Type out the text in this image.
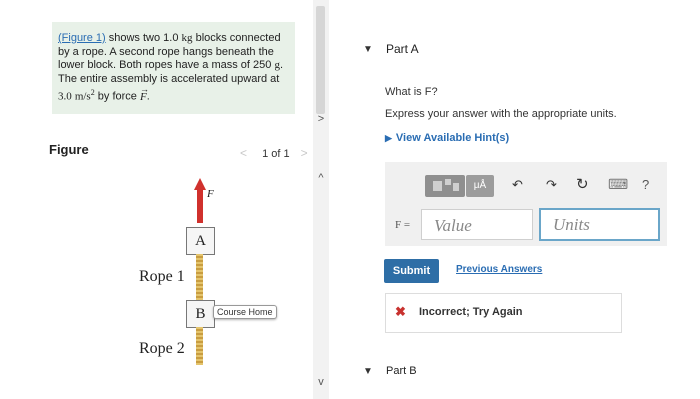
(Figure 1) shows two 1.0 kg blocks connected
by a rope. A second rope hangs beneath the
lower block. Both ropes have a mass of 250 g.
The entire assembly is accelerated upward at
3.0 $m/s^2$ by force F
→
.
Figure	< 1 of 1 >
F
A
Rope 1
B	Course Home
Rope 2
^
>
v
▼ Part A
What is F?
Express your answer with the appropriate units.
▶ View Available Hint(s)
μÅ	↶ ↷ ↻ ⌨ ?
F =	Value	Units
Submit	Previous Answers
✖ Incorrect; Try Again
▼ Part B
